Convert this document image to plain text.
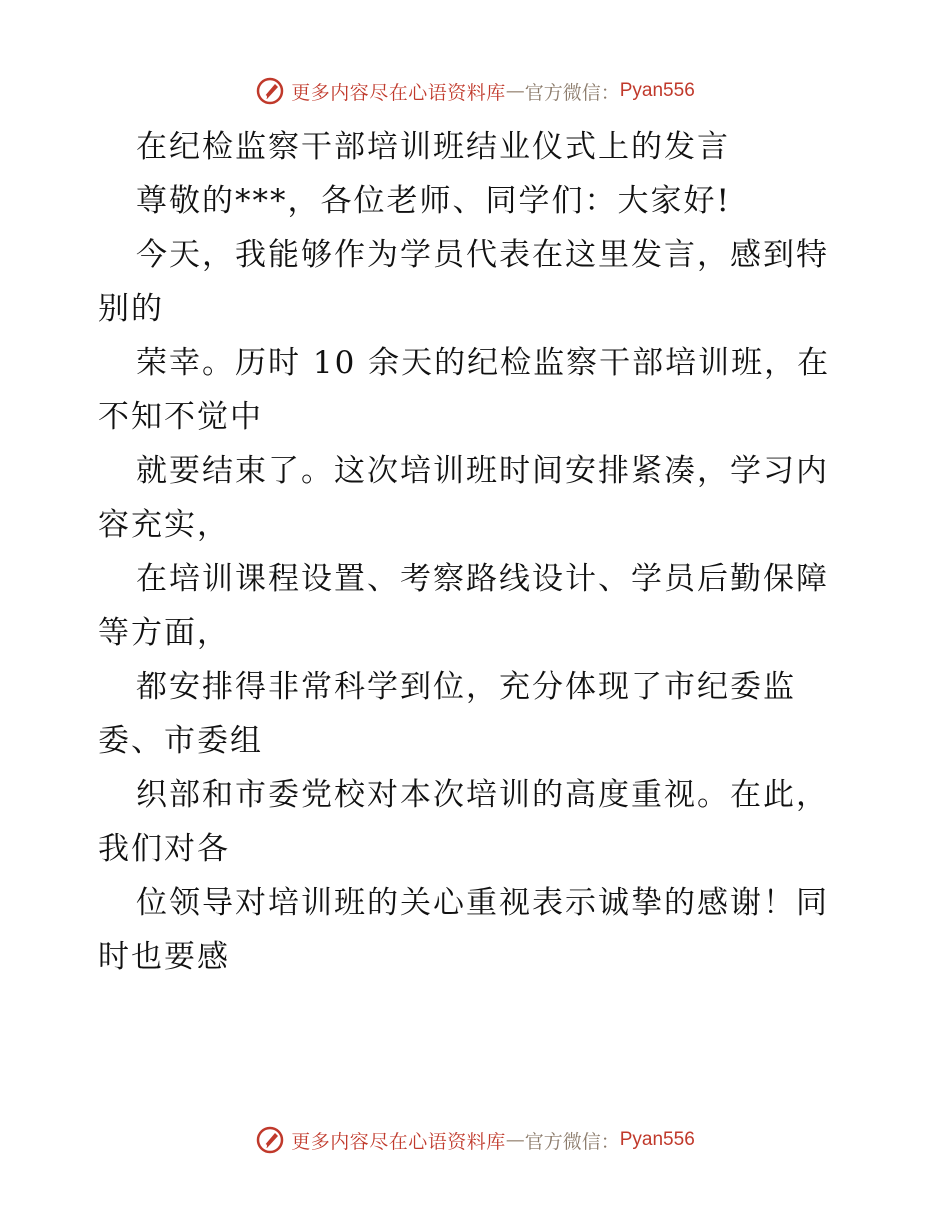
更多内容尽在心语资料库 — 官方微信： Pyan556
在纪检监察干部培训班结业仪式上的发言
尊敬的***，各位老师、同学们：大家好!
今天，我能够作为学员代表在这里发言，感到特
别的
荣幸。历时 10 余天的纪检监察干部培训班，在
不知不觉中
就要结束了。这次培训班时间安排紧凑，学习内
容充实，
在培训课程设置、考察路线设计、学员后勤保障
等方面，
都安排得非常科学到位，充分体现了市纪委监
委、市委组
织部和市委党校对本次培训的高度重视。在此，
我们对各
位领导对培训班的关心重视表示诚挚的感谢！同
时也要感
更多内容尽在心语资料库 — 官方微信： Pyan556
